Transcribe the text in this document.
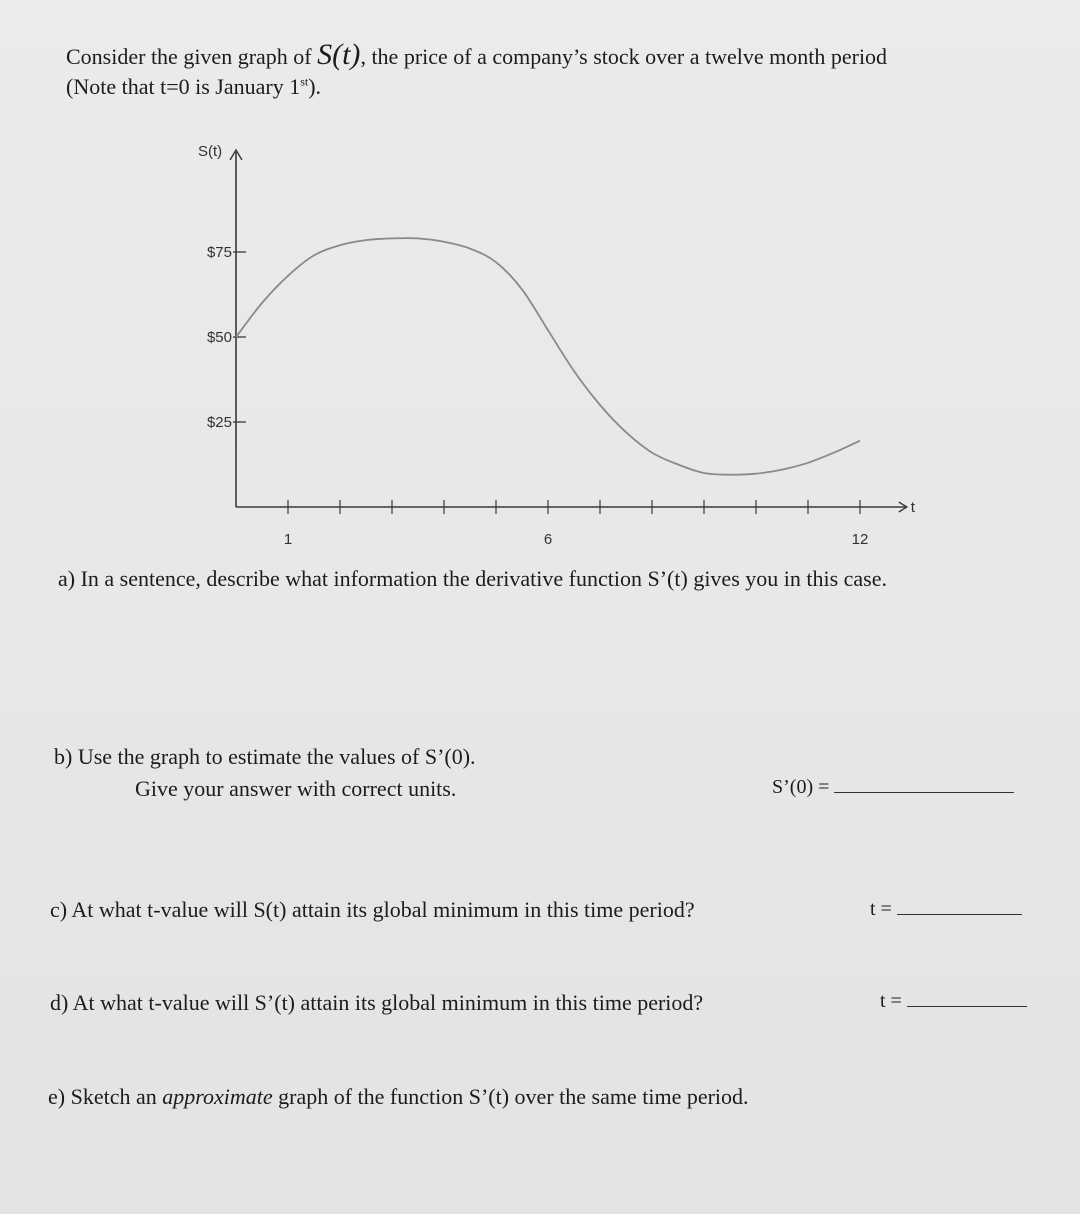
Consider the given graph of S(t), the price of a company’s stock over a twelve month period
(Note that t=0 is January 1st).
S(t)
t
$75
$50
$25
1	6	12
a) In a sentence, describe what information the derivative function S’(t) gives you in this case.
b) Use the graph to estimate the values of S’(0).
Give your answer with correct units.	S’(0) =
c) At what t-value will S(t) attain its global minimum in this time period?	t =
d) At what t-value will S’(t) attain its global minimum in this time period?	t =
e) Sketch an approximate graph of the function S’(t) over the same time period.
